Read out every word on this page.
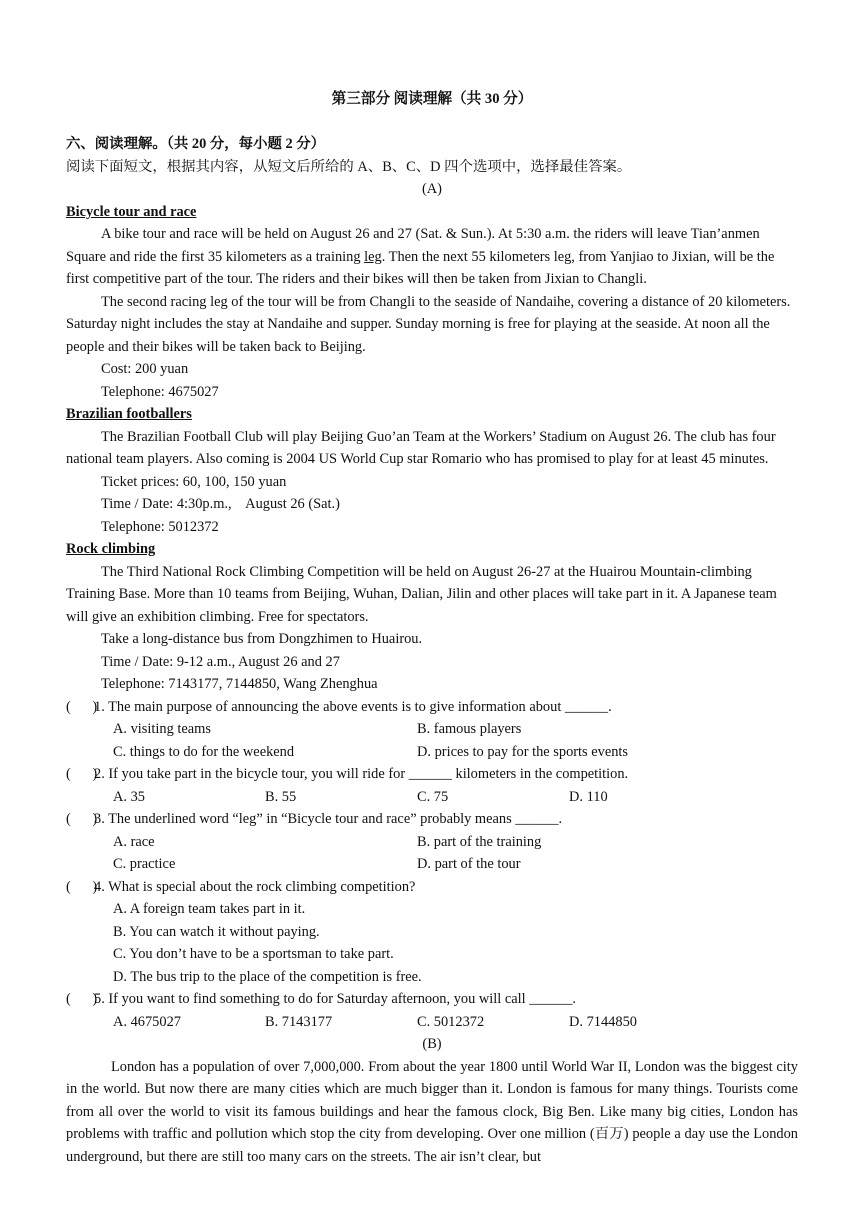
第三部分 阅读理解（共 30 分）
六、阅读理解。（共 20 分，每小题 2 分）
阅读下面短文，根据其内容，从短文后所给的 A、B、C、D 四个选项中，选择最佳答案。
(A)
Bicycle tour and race
A bike tour and race will be held on August 26 and 27 (Sat. & Sun.). At 5:30 a.m. the riders will leave Tian’anmen Square and ride the first 35 kilometers as a training leg. Then the next 55 kilometers leg, from Yanjiao to Jixian, will be the first competitive part of the tour. The riders and their bikes will then be taken from Jixian to Changli.
The second racing leg of the tour will be from Changli to the seaside of Nandaihe, covering a distance of 20 kilometers. Saturday night includes the stay at Nandaihe and supper. Sunday morning is free for playing at the seaside. At noon all the people and their bikes will be taken back to Beijing.
Cost: 200 yuan
Telephone: 4675027
Brazilian footballers
The Brazilian Football Club will play Beijing Guo’an Team at the Workers’ Stadium on August 26. The club has four national team players. Also coming is 2004 US World Cup star Romario who has promised to play for at least 45 minutes.
Ticket prices: 60, 100, 150 yuan
Time / Date: 4:30p.m.,    August 26 (Sat.)
Telephone: 5012372
Rock climbing
The Third National Rock Climbing Competition will be held on August 26-27 at the Huairou Mountain-climbing Training Base. More than 10 teams from Beijing, Wuhan, Dalian, Jilin and other places will take part in it. A Japanese team will give an exhibition climbing. Free for spectators.
Take a long-distance bus from Dongzhimen to Huairou.
Time / Date: 9-12 a.m., August 26 and 27
Telephone: 7143177, 7144850, Wang Zhenghua
(      )1. The main purpose of announcing the above events is to give information about ______.
A. visiting teams	B. famous players
C. things to do for the weekend	D. prices to pay for the sports events
(      )2. If you take part in the bicycle tour, you will ride for ______ kilometers in the competition.
A. 35	B. 55	C. 75	D. 110
(      )3. The underlined word “leg” in “Bicycle tour and race” probably means ______.
A. race	B. part of the training
C. practice	D. part of the tour
(      )4. What is special about the rock climbing competition?
A. A foreign team takes part in it.
B. You can watch it without paying.
C. You don’t have to be a sportsman to take part.
D. The bus trip to the place of the competition is free.
(      )5. If you want to find something to do for Saturday afternoon, you will call ______.
A. 4675027	B. 7143177	C. 5012372	D. 7144850
(B)
London has a population of over 7,000,000. From about the year 1800 until World War II, London was the biggest city in the world. But now there are many cities which are much bigger than it. London is famous for many things. Tourists come from all over the world to visit its famous buildings and hear the famous clock, Big Ben. Like many big cities, London has problems with traffic and pollution which stop the city from developing. Over one million (百万) people a day use the London underground, but there are still too many cars on the streets. The air isn’t clear, but
